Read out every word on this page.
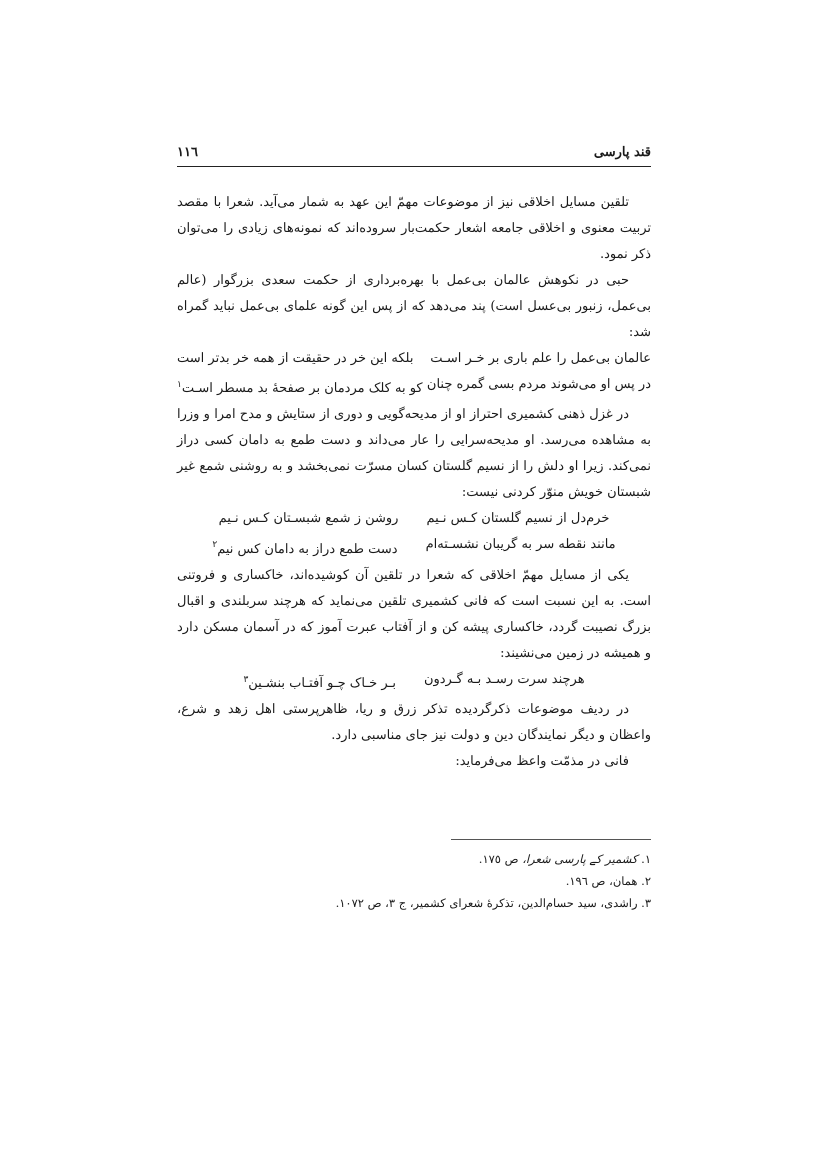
قند پارسی
١١٦

تلقین مسایل اخلاقی نیز از موضوعات مهمّ این عهد به شمار می‌آید. شعرا با مقصد تربیت معنوی و اخلاقی جامعه اشعار حکمت‌بار سروده‌اند که نمونه‌های زیادی را می‌توان ذکر نمود.

حبی در نکوهش عالمان بی‌عمل با بهره‌برداری از حکمت سعدی بزرگوار (عالم بی‌عمل، زنبور بی‌عسل است) پند می‌دهد که از پس این گونه علمای بی‌عمل نباید گمراه شد:

عالمان بی‌عمل را علم باری بر خـر اسـت
بلکه این خر در حقیقت از همه خر بدتر است
در پس او می‌شوند مردم بسی گمره چنان
کو به کلک مردمان بر صفحهٔ بد مسطر اسـت$^١$

در غزل ذهنی کشمیری احتراز او از مدیحه‌گویی و دوری از ستایش و مدح امرا و وزرا به مشاهده می‌رسد. او مدیحه‌سرایی را عار می‌داند و دست طمع به دامان کسی دراز نمی‌کند. زیرا او دلش را از نسیم گلستان کسان مسرّت نمی‌بخشد و به روشنی شمع غیر شبستان خویش منوّر کردنی نیست:

خرم‌دل از نسیم گلستان کـس نـیم
روشن ز شمع شبسـتان کـس نـیم
مانند نقطه سر به گریبان نشسـته‌ام
دست طمع دراز به دامان کس نیم$^٢$

یکی از مسایل مهمّ اخلاقی که شعرا در تلقین آن کوشیده‌اند، خاکساری و فروتنی است. به این نسبت است که فانی کشمیری تلقین می‌نماید که هرچند سربلندی و اقبال بزرگ نصیبت گردد، خاکساری پیشه کن و از آفتاب عبرت آموز که در آسمان مسکن دارد و همیشه در زمین می‌نشیند:

هرچند سرت رسـد بـه گـردون
بـر خـاک چـو آفتـاب بنشـین$^٣$

در ردیف موضوعات ذکرگردیده تذکر زرق و ریا، ظاهرپرستی اهل زهد و شرع، واعظان و دیگر نمایندگان دین و دولت نیز جای مناسبی دارد.

فانی در مذمّت واعظ می‌فرماید:

١. کشمیر کے پارسی شعرا، ص ١٧٥.
٢. همان، ص ١٩٦.
٣. راشدی، سید حسام‌الدین، تذکرهٔ شعرای کشمیر، ج ٣، ص ١٠٧٢.
